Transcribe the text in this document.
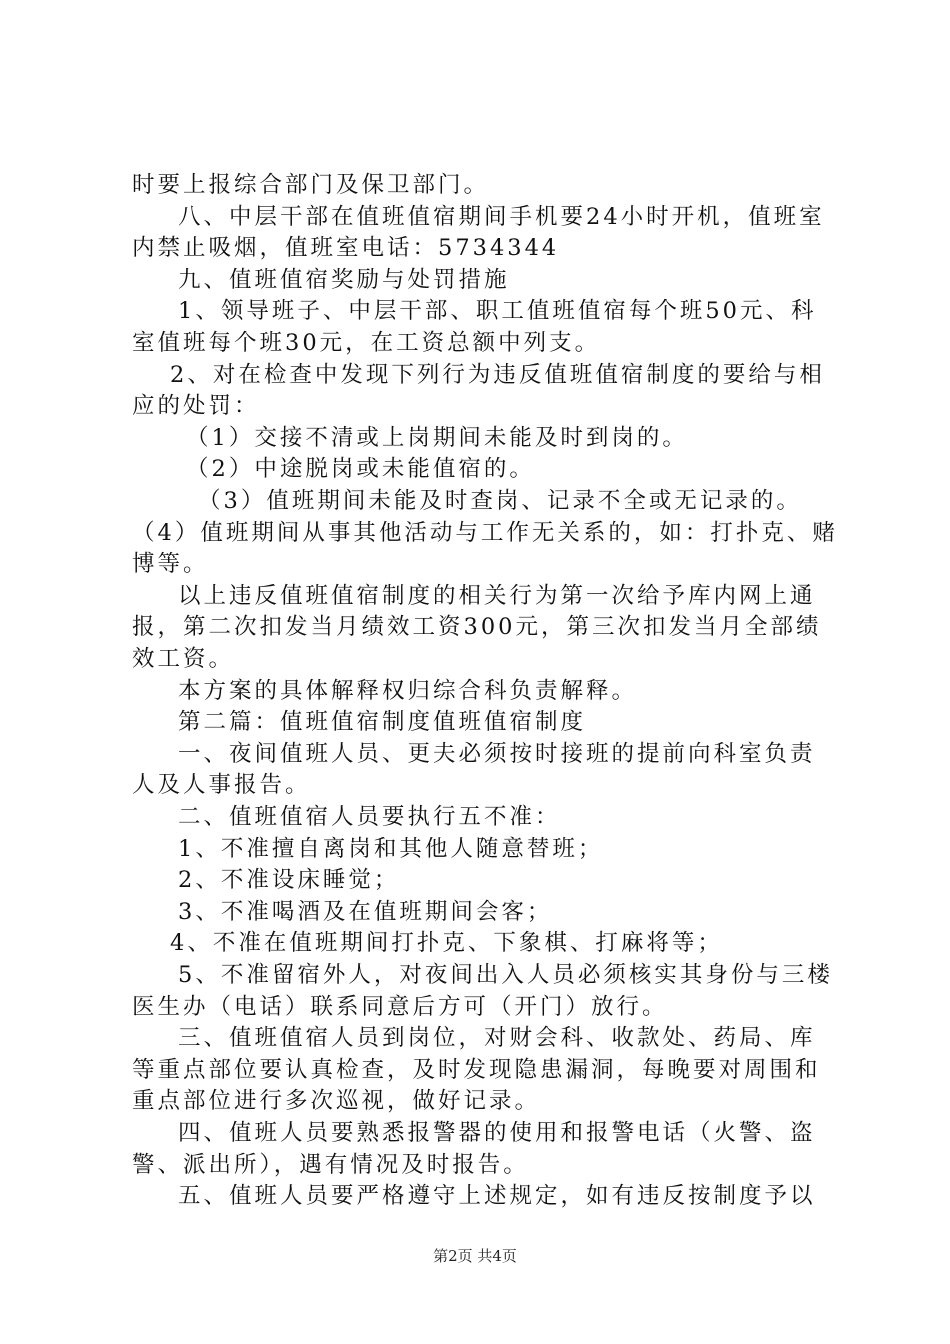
时要上报综合部门及保卫部门。
八、中层干部在值班值宿期间手机要24小时开机，值班室
内禁止吸烟，值班室电话：5734344
九、值班值宿奖励与处罚措施
1、领导班子、中层干部、职工值班值宿每个班50元、科
室值班每个班30元，在工资总额中列支。
2、对在检查中发现下列行为违反值班值宿制度的要给与相
应的处罚：
（1）交接不清或上岗期间未能及时到岗的。
（2）中途脱岗或未能值宿的。
（3）值班期间未能及时查岗、记录不全或无记录的。
（4）值班期间从事其他活动与工作无关系的，如：打扑克、赌
博等。
以上违反值班值宿制度的相关行为第一次给予库内网上通
报，第二次扣发当月绩效工资300元，第三次扣发当月全部绩
效工资。
本方案的具体解释权归综合科负责解释。
第二篇：值班值宿制度值班值宿制度
一、夜间值班人员、更夫必须按时接班的提前向科室负责
人及人事报告。
二、值班值宿人员要执行五不准：
1、不准擅自离岗和其他人随意替班；
2、不准设床睡觉；
3、不准喝酒及在值班期间会客；
4、不准在值班期间打扑克、下象棋、打麻将等；
5、不准留宿外人，对夜间出入人员必须核实其身份与三楼
医生办（电话）联系同意后方可（开门）放行。
三、值班值宿人员到岗位，对财会科、收款处、药局、库
等重点部位要认真检查，及时发现隐患漏洞，每晚要对周围和
重点部位进行多次巡视，做好记录。
四、值班人员要熟悉报警器的使用和报警电话（火警、盗
警、派出所），遇有情况及时报告。
五、值班人员要严格遵守上述规定，如有违反按制度予以
第2页 共4页
